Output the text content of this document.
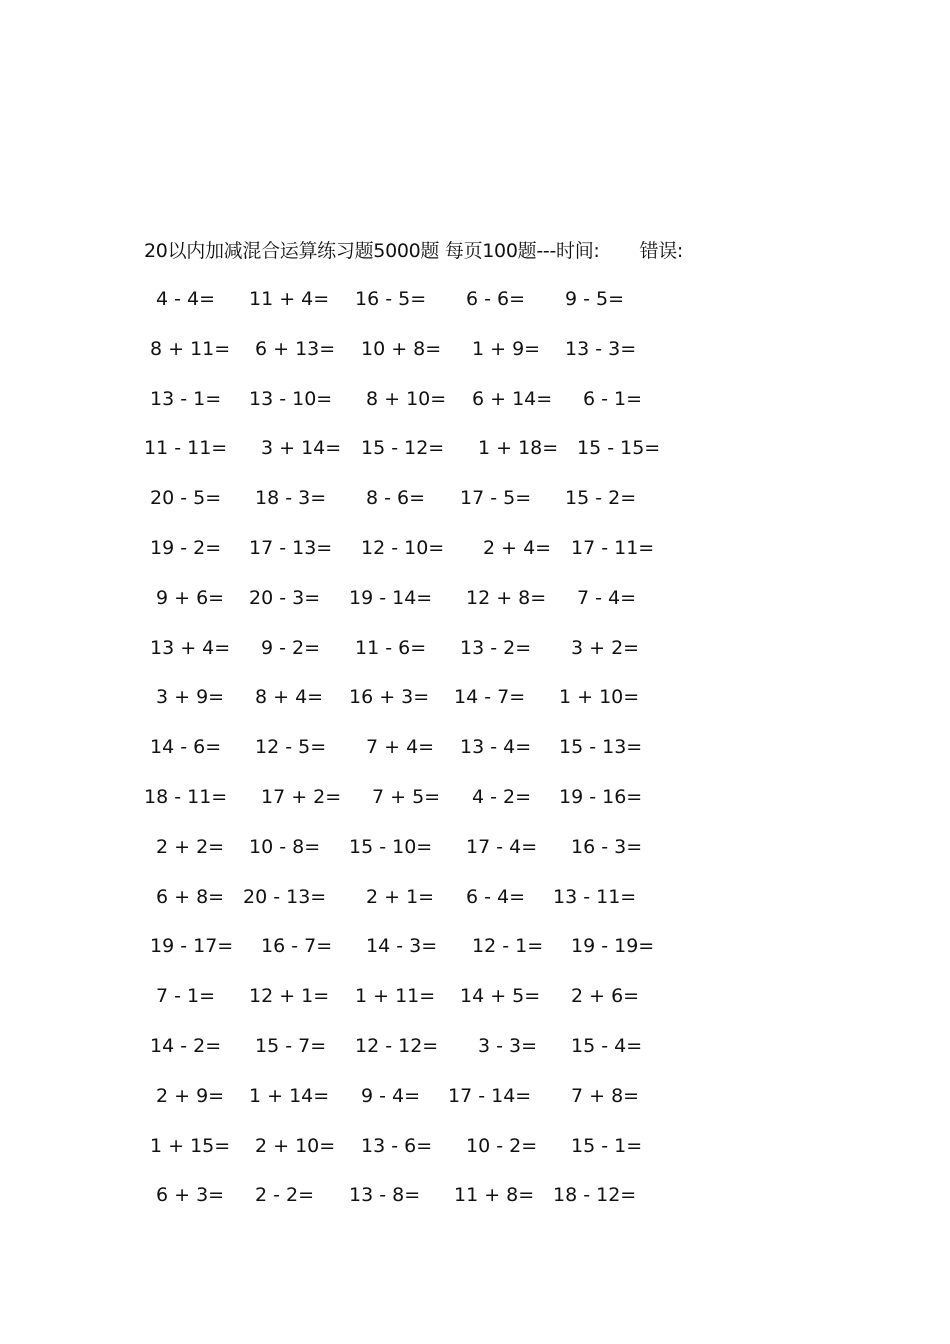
20以内加减混合运算练习题5000题 每页100题---时间: 错误:
4 - 4= 11 + 4= 16 - 5= 6 - 6= 9 - 5=
8 + 11= 6 + 13= 10 + 8= 1 + 9= 13 - 3=
13 - 1= 13 - 10= 8 + 10= 6 + 14= 6 - 1=
11 - 11= 3 + 14= 15 - 12= 1 + 18= 15 - 15=
20 - 5= 18 - 3= 8 - 6= 17 - 5= 15 - 2=
19 - 2= 17 - 13= 12 - 10= 2 + 4= 17 - 11=
9 + 6= 20 - 3= 19 - 14= 12 + 8= 7 - 4=
13 + 4= 9 - 2= 11 - 6= 13 - 2= 3 + 2=
3 + 9= 8 + 4= 16 + 3= 14 - 7= 1 + 10=
14 - 6= 12 - 5= 7 + 4= 13 - 4= 15 - 13=
18 - 11= 17 + 2= 7 + 5= 4 - 2= 19 - 16=
2 + 2= 10 - 8= 15 - 10= 17 - 4= 16 - 3=
6 + 8= 20 - 13= 2 + 1= 6 - 4= 13 - 11=
19 - 17= 16 - 7= 14 - 3= 12 - 1= 19 - 19=
7 - 1= 12 + 1= 1 + 11= 14 + 5= 2 + 6=
14 - 2= 15 - 7= 12 - 12= 3 - 3= 15 - 4=
2 + 9= 1 + 14= 9 - 4= 17 - 14= 7 + 8=
1 + 15= 2 + 10= 13 - 6= 10 - 2= 15 - 1=
6 + 3= 2 - 2= 13 - 8= 11 + 8= 18 - 12=
